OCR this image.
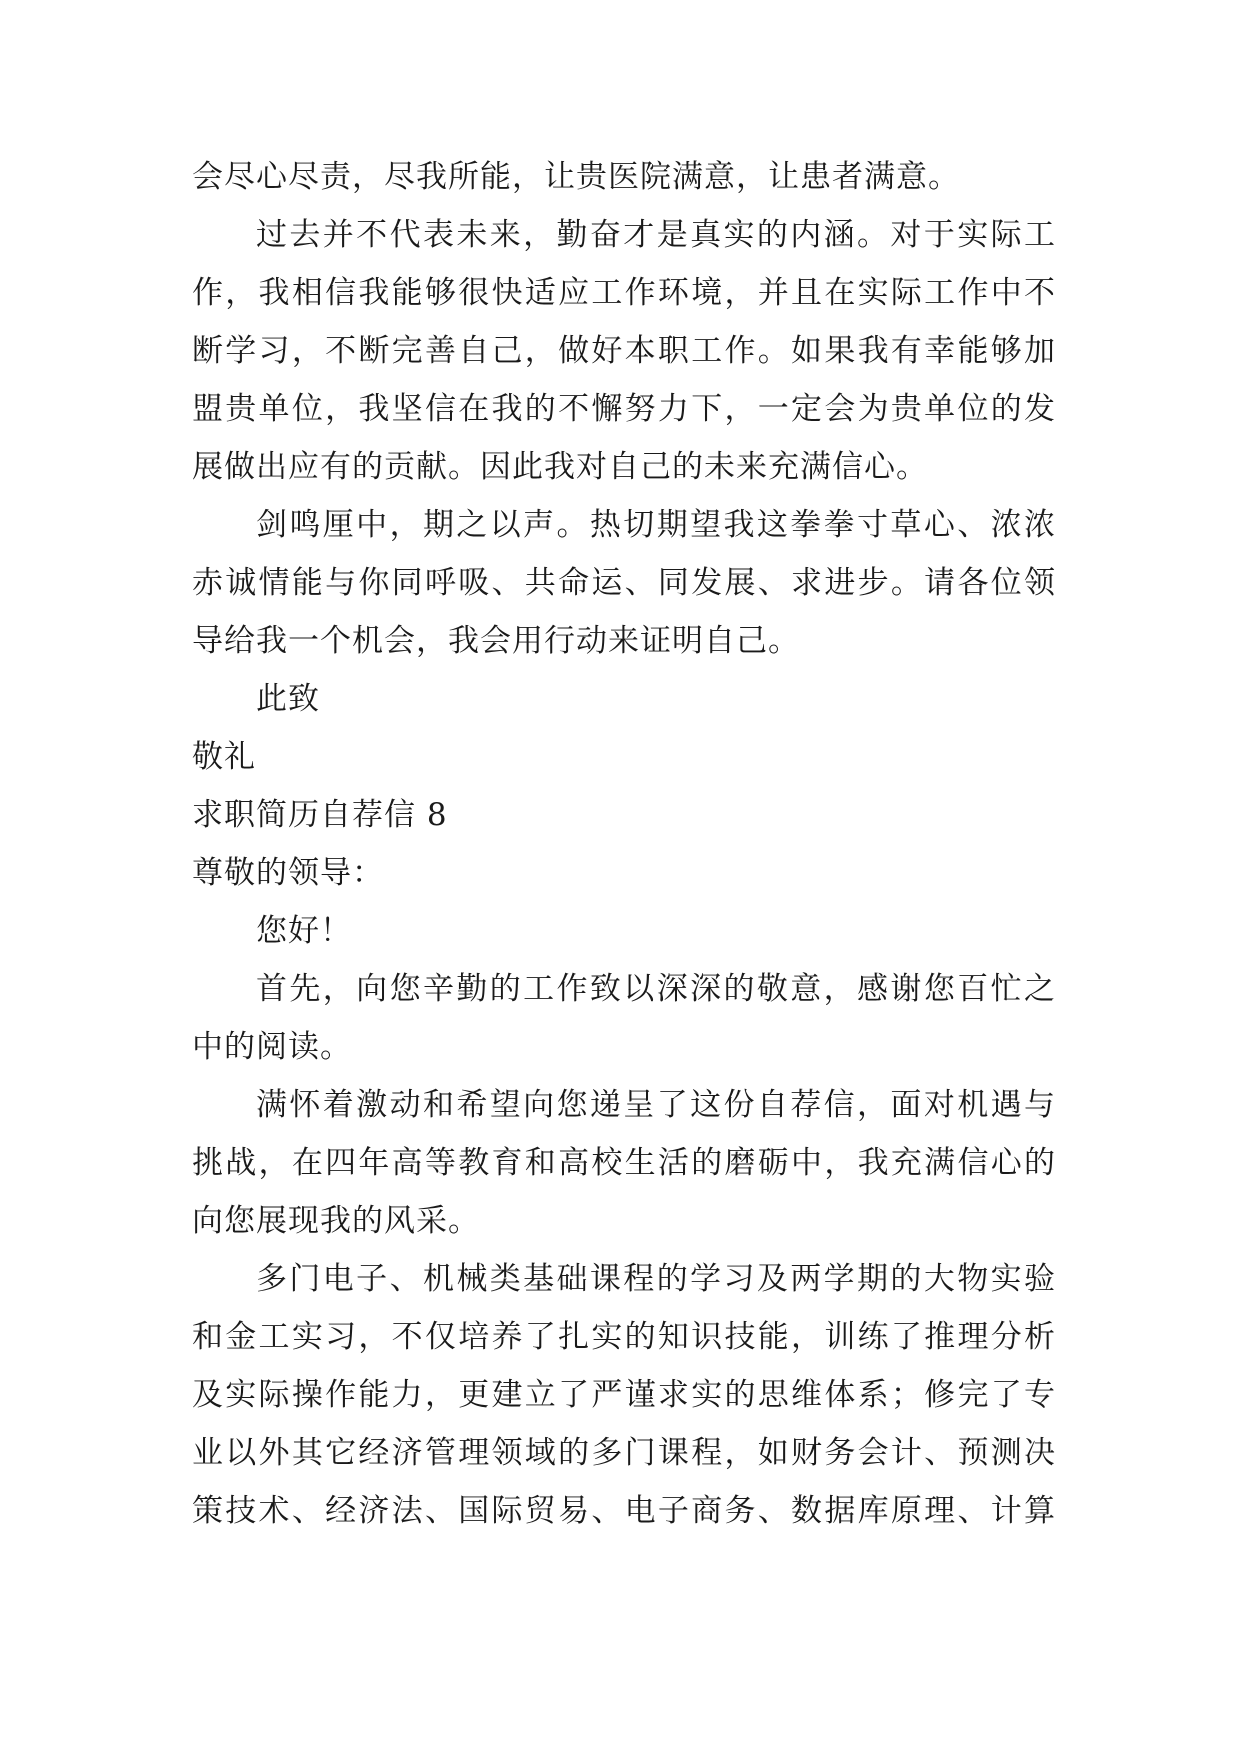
会尽心尽责，尽我所能，让贵医院满意，让患者满意。
过去并不代表未来，勤奋才是真实的内涵。对于实际工
作，我相信我能够很快适应工作环境，并且在实际工作中不
断学习，不断完善自己，做好本职工作。如果我有幸能够加
盟贵单位，我坚信在我的不懈努力下，一定会为贵单位的发
展做出应有的贡献。因此我对自己的未来充满信心。
剑鸣厘中，期之以声。热切期望我这拳拳寸草心、浓浓
赤诚情能与你同呼吸、共命运、同发展、求进步。请各位领
导给我一个机会，我会用行动来证明自己。
此致
敬礼
求职简历自荐信 8
尊敬的领导：
您好！
首先，向您辛勤的工作致以深深的敬意，感谢您百忙之
中的阅读。
满怀着激动和希望向您递呈了这份自荐信，面对机遇与
挑战，在四年高等教育和高校生活的磨砺中，我充满信心的
向您展现我的风采。
多门电子、机械类基础课程的学习及两学期的大物实验
和金工实习，不仅培养了扎实的知识技能，训练了推理分析
及实际操作能力，更建立了严谨求实的思维体系；修完了专
业以外其它经济管理领域的多门课程，如财务会计、预测决
策技术、经济法、国际贸易、电子商务、数据库原理、计算
